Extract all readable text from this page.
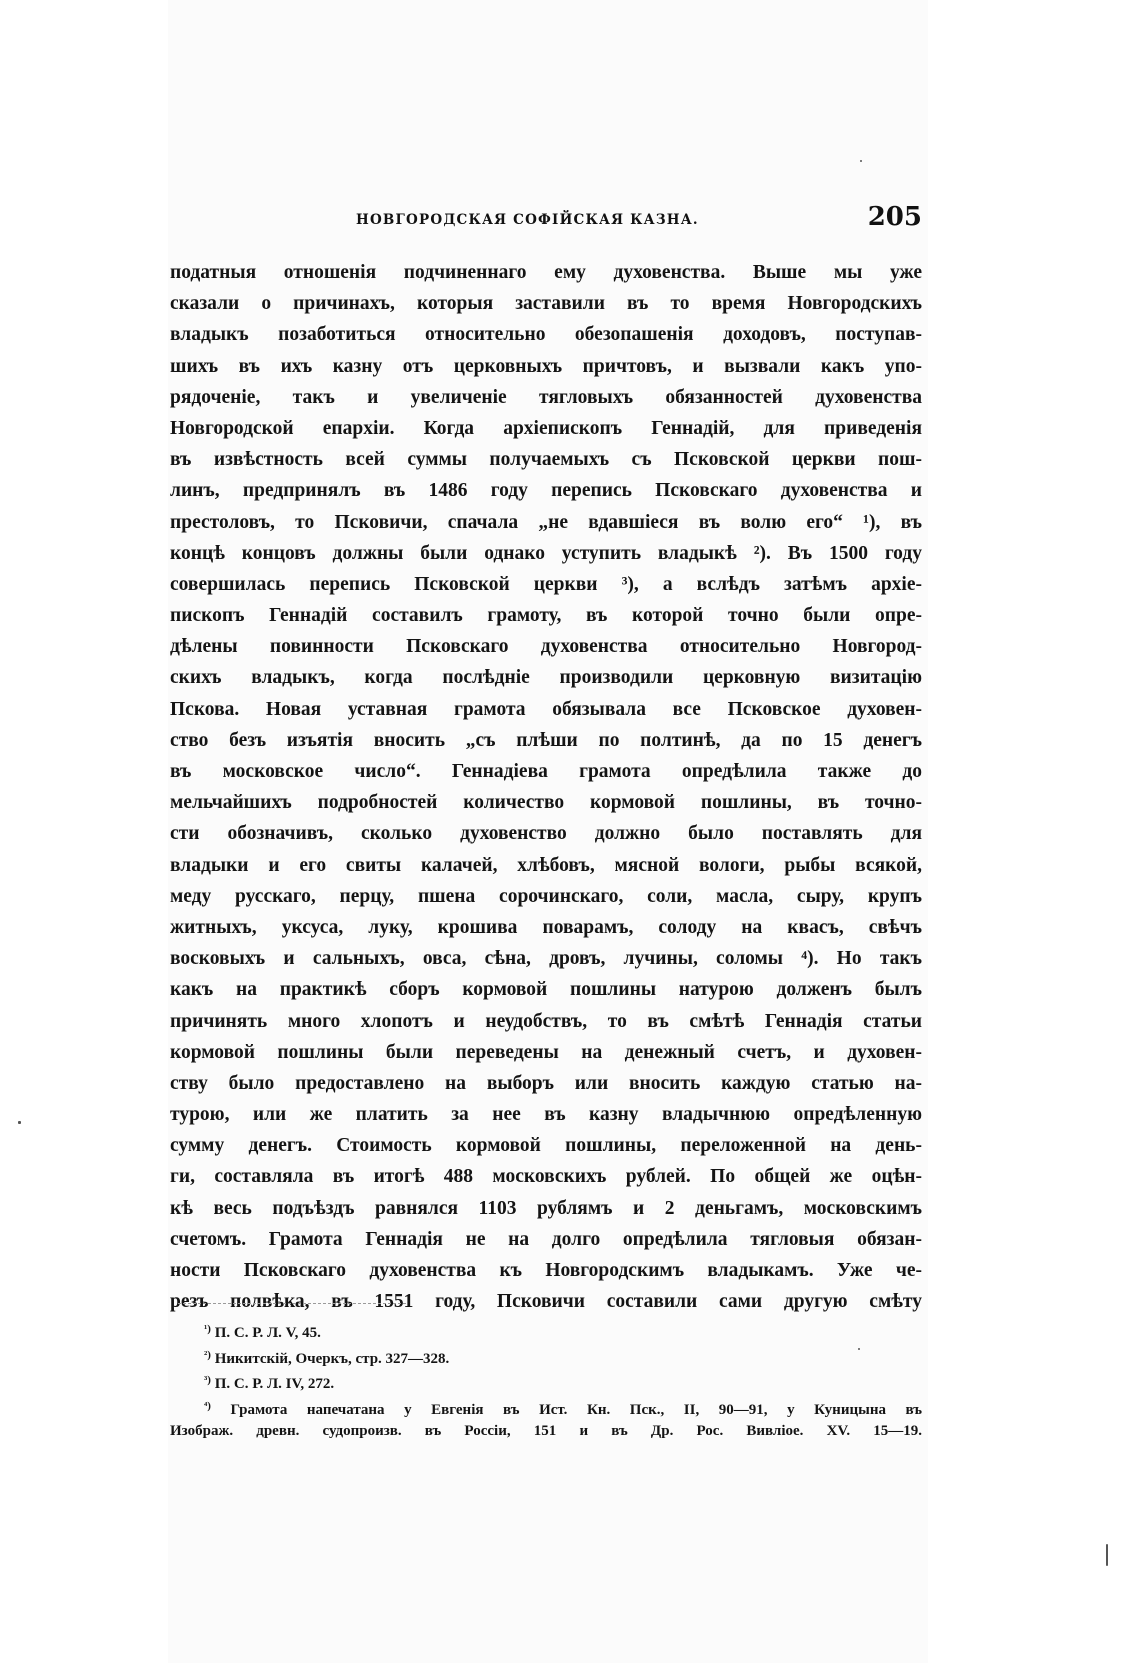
НОВГОРОДСКАЯ СОФІЙСКАЯ КАЗНА.	205
податныя отношенія подчиненнаго ему духовенства. Выше мы уже
сказали о причинахъ, которыя заставили въ то время Новгородскихъ
владыкъ позаботиться относительно обезопашенія доходовъ, поступав-
шихъ въ ихъ казну отъ церковныхъ причтовъ, и вызвали какъ упо-
рядоченіе, такъ и увеличеніе тягловыхъ обязанностей духовенства
Новгородской епархіи. Когда архіепископъ Геннадій, для приведенія
въ извѣстность всей суммы получаемыхъ съ Псковской церкви пош-
линъ, предпринялъ въ 1486 году перепись Псковскаго духовенства и
престоловъ, то Псковичи, спачала „не вдавшіеся въ волю его“ ¹), въ
концѣ концовъ должны были однако уступить владыкѣ ²). Въ 1500 году
совершилась перепись Псковской церкви ³), а вслѣдъ затѣмъ архіе-
пископъ Геннадій составилъ грамоту, въ которой точно были опре-
дѣлены повинности Псковскаго духовенства относительно Новгород-
скихъ владыкъ, когда послѣдніе производили церковную визитацію
Пскова. Новая уставная грамота обязывала все Псковское духовен-
ство безъ изъятія вносить „съ плѣши по полтинѣ, да по 15 денегъ
въ московское число“. Геннадіева грамота опредѣлила также до
мельчайшихъ подробностей количество кормовой пошлины, въ точно-
сти обозначивъ, сколько духовенство должно было поставлять для
владыки и его свиты калачей, хлѣбовъ, мясной вологи, рыбы всякой,
меду русскаго, перцу, пшена сорочинскаго, соли, масла, сыру, крупъ
житныхъ, уксуса, луку, крошива поварамъ, солоду на квасъ, свѣчъ
восковыхъ и сальныхъ, овса, сѣна, дровъ, лучины, соломы ⁴). Но такъ
какъ на практикѣ сборъ кормовой пошлины натурою долженъ былъ
причинять много хлопотъ и неудобствъ, то въ смѣтѣ Геннадія статьи
кормовой пошлины были переведены на денежный счетъ, и духовен-
ству было предоставлено на выборъ или вносить каждую статью на-
турою, или же платить за нее въ казну владычнюю опредѣленную
сумму денегъ. Стоимость кормовой пошлины, переложенной на день-
ги, составляла въ итогѣ 488 московскихъ рублей. По общей же оцѣн-
кѣ весь подъѣздъ равнялся 1103 рублямъ и 2 деньгамъ, московскимъ
счетомъ. Грамота Геннадія не на долго опредѣлила тягловыя обязан-
ности Псковскаго духовенства къ Новгородскимъ владыкамъ. Уже че-
резъ полвѣка, въ 1551 году, Псковичи составили сами другую смѣту
$^{^1)}$ П. С. Р. Л. V, 45.
$^{^2)}$ Никитскій, Очеркъ, стр. 327—328.
$^{^3)}$ П. С. Р. Л. IV, 272.
$^{^4)}$ Грамота напечатана у Евгенія въ Ист. Кн. Пск., II, 90—91, у Куницына въ
Изображ. древн. судопроизв. въ Россіи, 151 и въ Др. Рос. Вивліое. XV. 15—19.
